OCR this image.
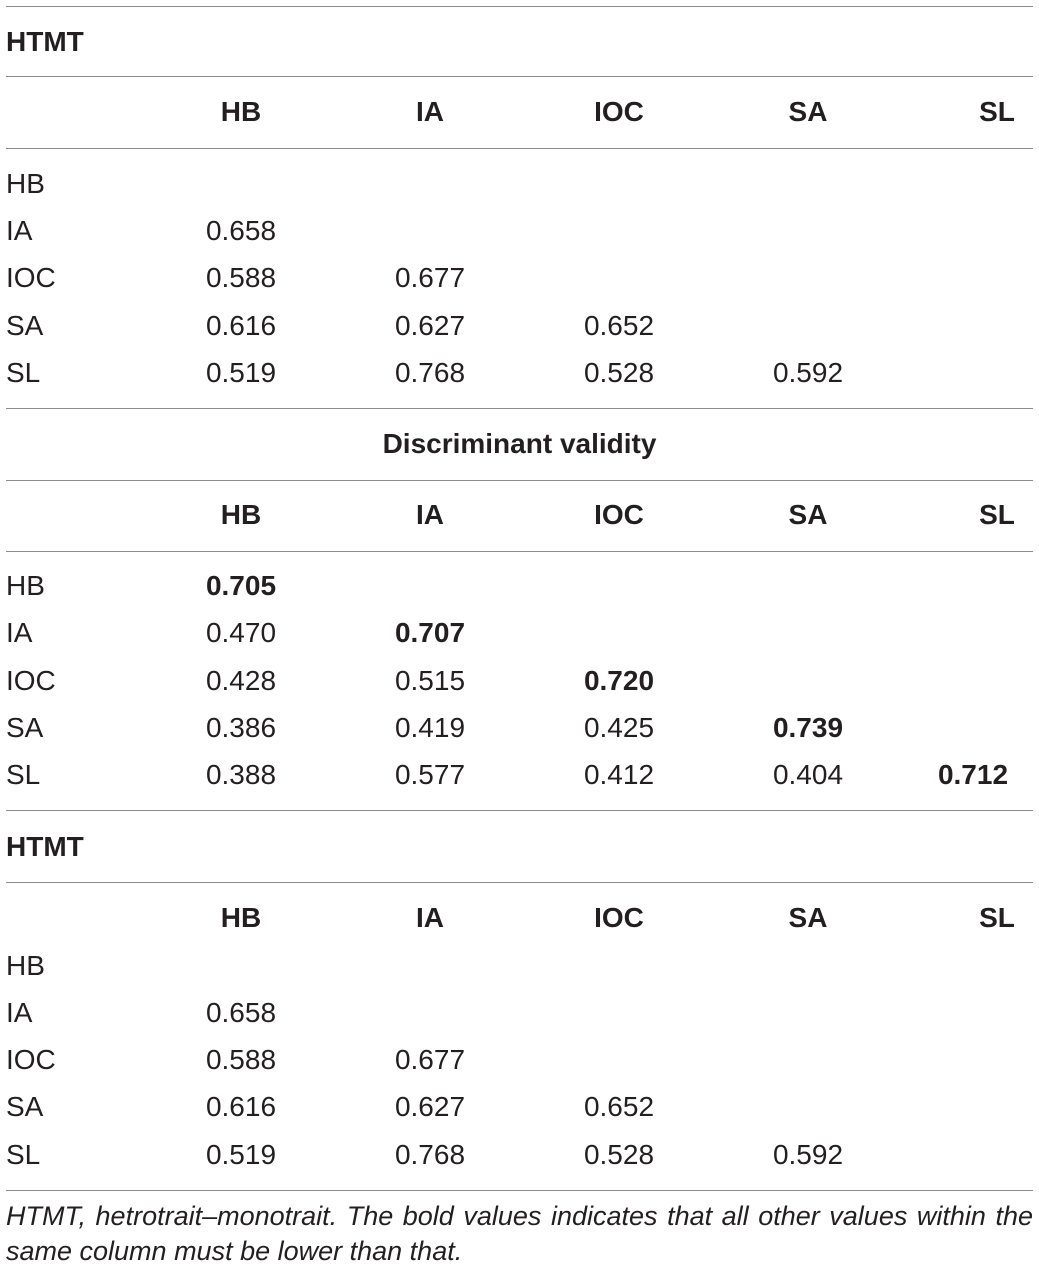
HTMT
HB	IA	IOC	SA	SL
HB
IA	0.658
IOC	0.588	0.677
SA	0.616	0.627	0.652
SL	0.519	0.768	0.528	0.592
Discriminant validity
HB	IA	IOC	SA	SL
HB	0.705
IA	0.470	0.707
IOC	0.428	0.515	0.720
SA	0.386	0.419	0.425	0.739
SL	0.388	0.577	0.412	0.404	0.712
HTMT
HB	IA	IOC	SA	SL
HB
IA	0.658
IOC	0.588	0.677
SA	0.616	0.627	0.652
SL	0.519	0.768	0.528	0.592
HTMT, hetrotrait–monotrait. The bold values indicates that all other values within the same column must be lower than that.
